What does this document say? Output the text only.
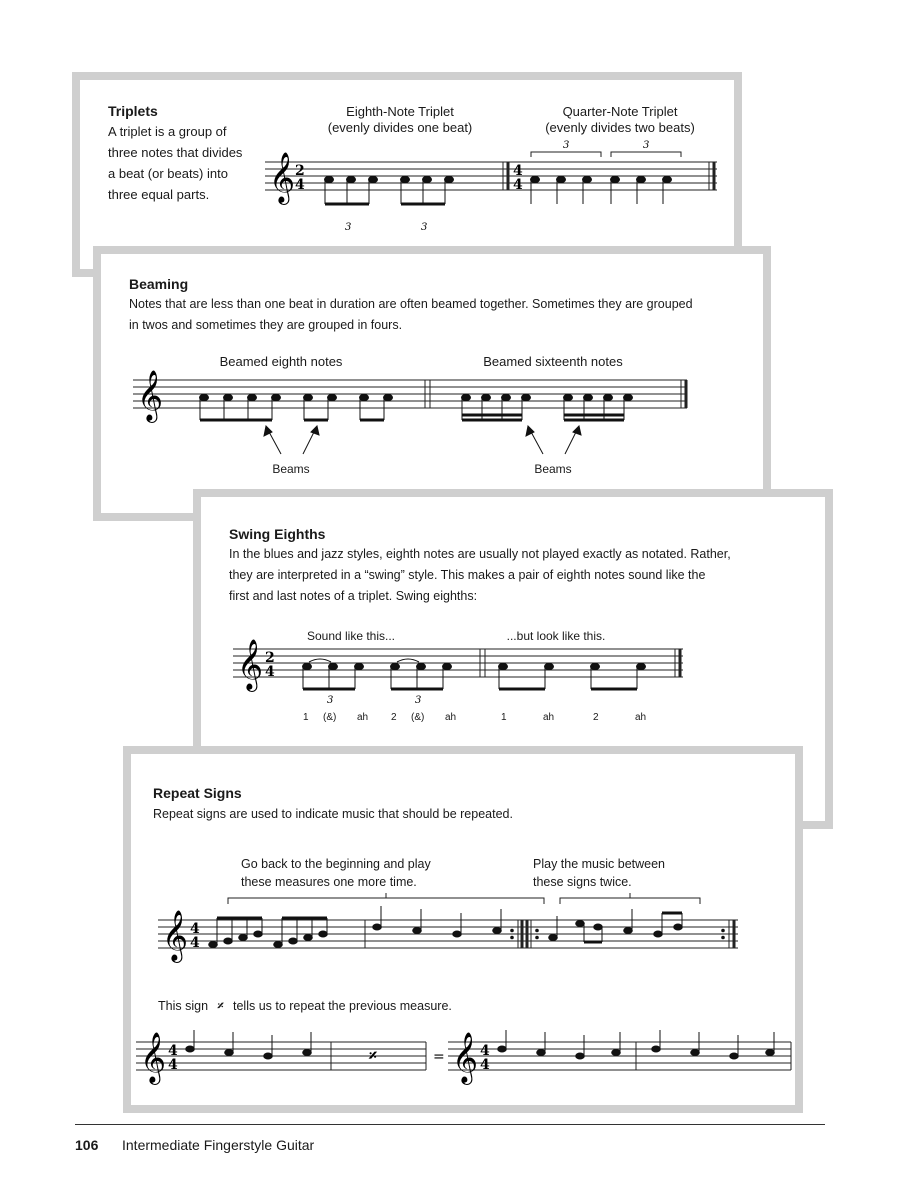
Triplets
A triplet is a group of
three notes that divides
a beat (or beats) into
three equal parts.
Eighth-Note Triplet
(evenly divides one beat)
Quarter-Note Triplet
(evenly divides two beats)
𝄞 2
4
4
4
3	3
3	3
Beaming
Notes that are less than one beat in duration are often beamed together. Sometimes they are grouped
in twos and sometimes they are grouped in fours.
Beamed eighth notes	Beamed sixteenth notes
𝄞
Beams	Beams
Swing Eighths
In the blues and jazz styles, eighth notes are usually not played exactly as notated. Rather,
they are interpreted in a “swing” style. This makes a pair of eighth notes sound like the
first and last notes of a triplet. Swing eighths:
Sound like this...	...but look like this.
𝄞 2
4
3	3
1 (&) ah 2 (&) ah	1	ah	2	ah
Repeat Signs
Repeat signs are used to indicate music that should be repeated.
Go back to the beginning and play
these measures one more time.
Play the music between
these signs twice.
𝄞 4
4
This sign 𝄎 tells us to repeat the previous measure.
𝄞 4
4	𝄞 4
4
𝄎	=
106 Intermediate Fingerstyle Guitar
